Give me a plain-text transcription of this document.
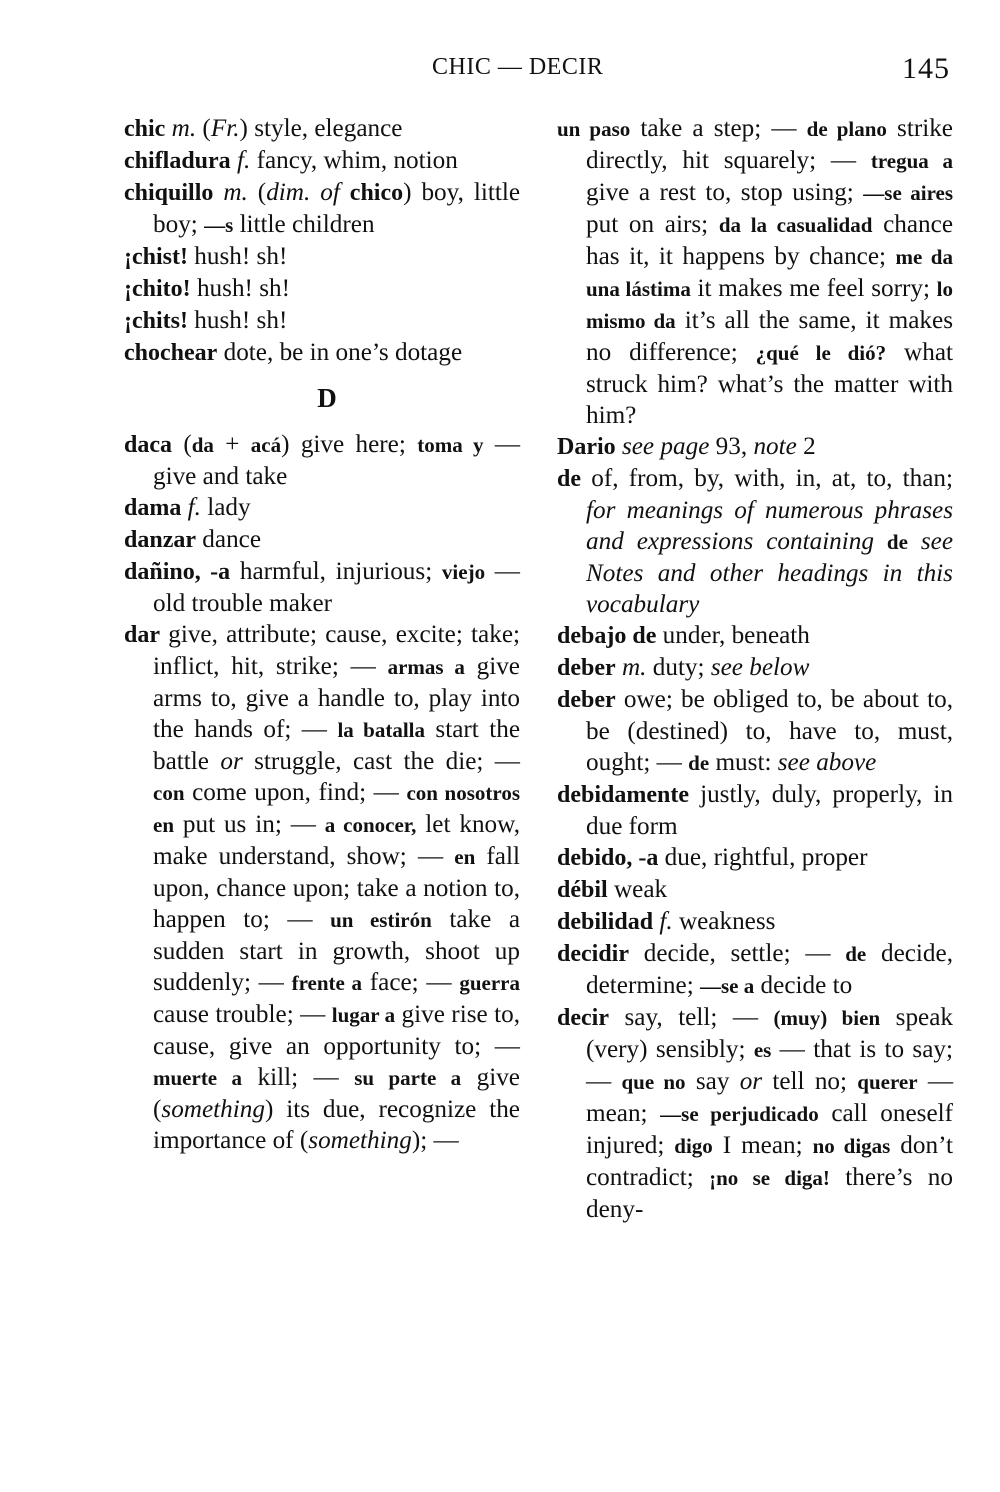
CHIC — DECIR	145

chic m. (Fr.) style, elegance

chifladura f. fancy, whim, notion

chiquillo m. (dim. of chico) boy, little boy; —s little children

¡chist! hush! sh!

¡chito! hush! sh!

¡chits! hush! sh!

chochear dote, be in one’s dotage

D

daca (da + acá) give here; toma y — give and take

dama f. lady

danzar dance

dañino, -a harmful, injurious; viejo — old trouble maker

dar give, attribute; cause, excite; take; inflict, hit, strike; — armas a give arms to, give a handle to, play into the hands of; — la batalla start the battle or struggle, cast the die; — con come upon, find; — con nosotros en put us in; — a conocer, let know, make understand, show; — en fall upon, chance upon; take a notion to, happen to; — un estirón take a sudden start in growth, shoot up suddenly; — frente a face; — guerra cause trouble; — lugar a give rise to, cause, give an opportunity to; — muerte a kill; — su parte a give (something) its due, recognize the importance of (something); —

un paso take a step; — de plano strike directly, hit squarely; — tregua a give a rest to, stop using; —se aires put on airs; da la casualidad chance has it, it happens by chance; me da una lástima it makes me feel sorry; lo mismo da it’s all the same, it makes no difference; ¿qué le dió? what struck him? what’s the matter with him?

Dario see page 93, note 2

de of, from, by, with, in, at, to, than; for meanings of numerous phrases and expressions containing de see Notes and other headings in this vocabulary

debajo de under, beneath

deber m. duty; see below

deber owe; be obliged to, be about to, be (destined) to, have to, must, ought; — de must: see above

debidamente justly, duly, properly, in due form

debido, -a due, rightful, proper

débil weak

debilidad f. weakness

decidir decide, settle; — de decide, determine; —se a decide to

decir say, tell; — (muy) bien speak (very) sensibly; es — that is to say; — que no say or tell no; querer — mean; —se perjudicado call oneself injured; digo I mean; no digas don’t contradict; ¡no se diga! there’s no deny-
